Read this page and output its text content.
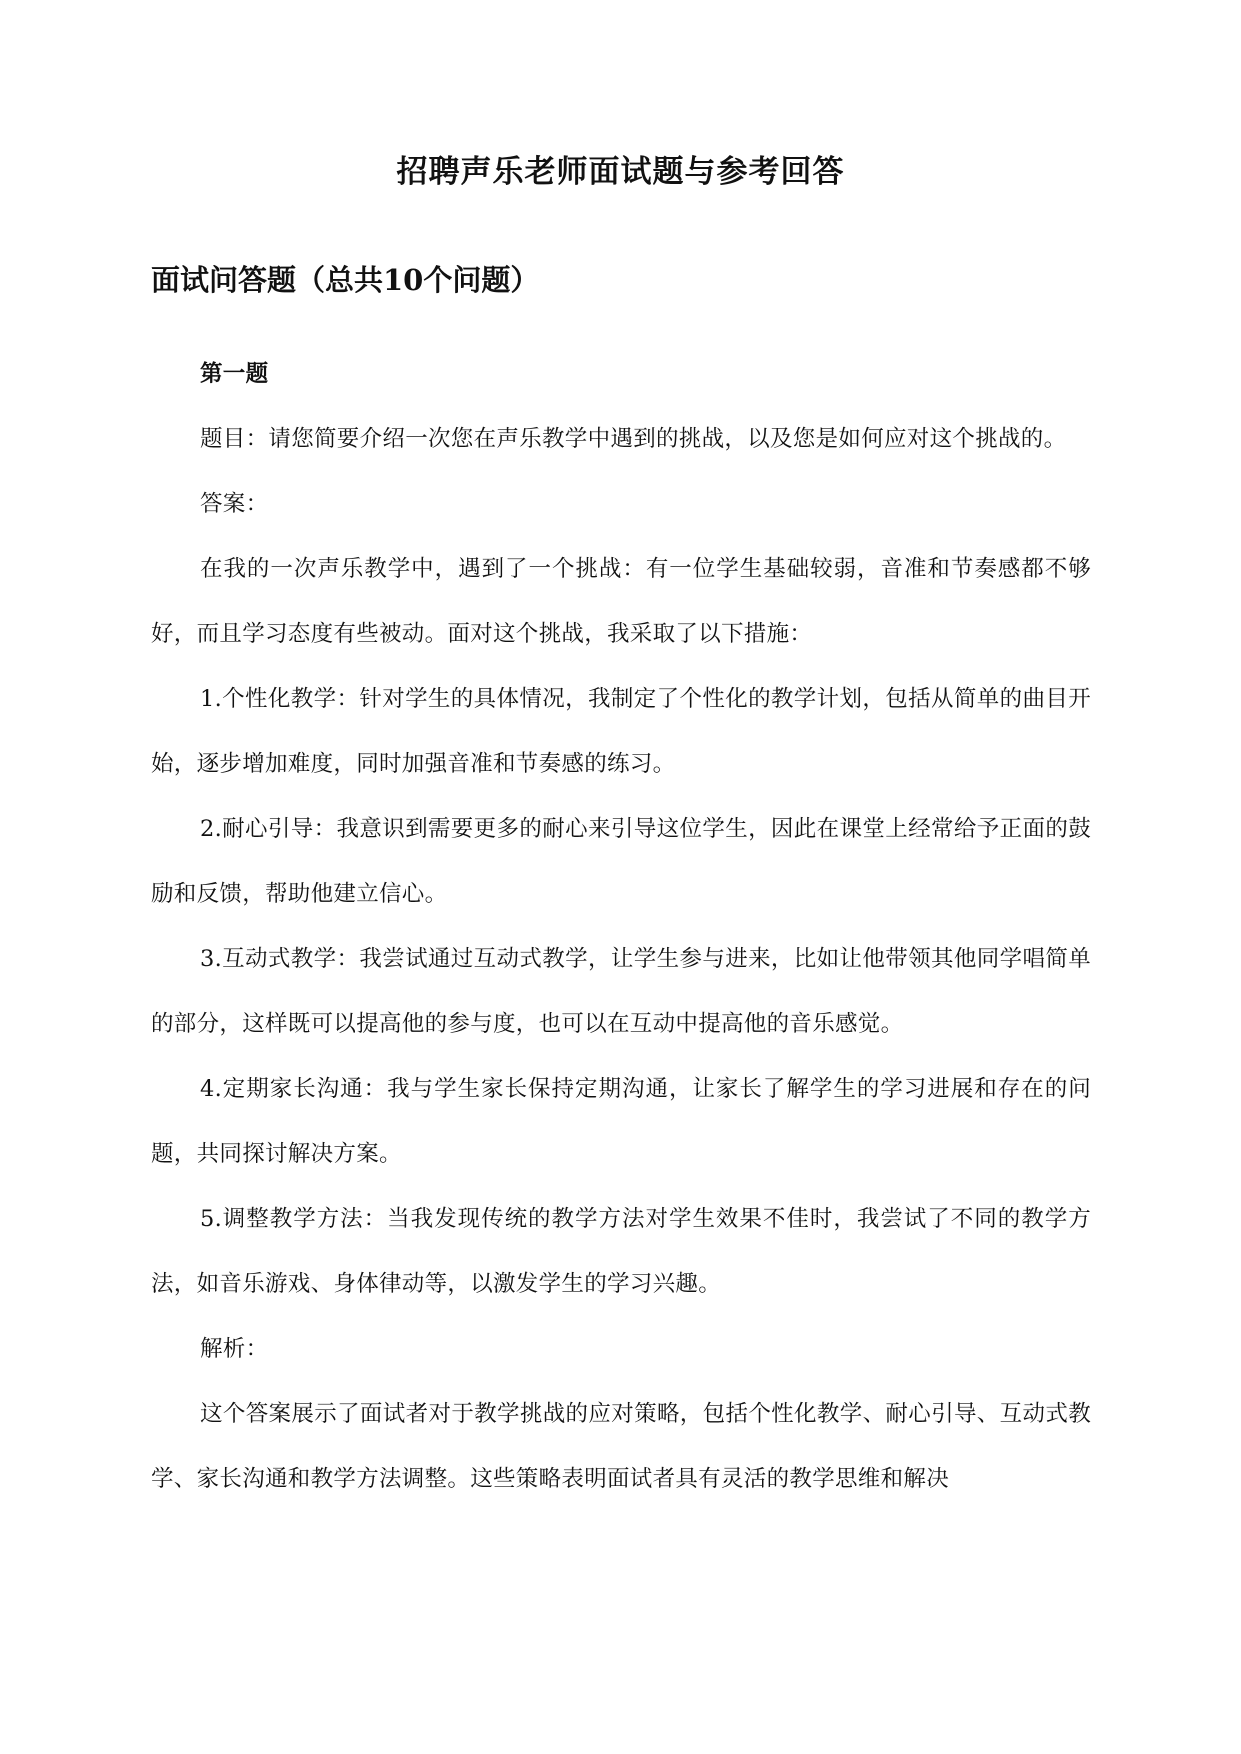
招聘声乐老师面试题与参考回答
面试问答题（总共10个问题）

第一题

题目：请您简要介绍一次您在声乐教学中遇到的挑战，以及您是如何应对这个挑战的。

答案：

在我的一次声乐教学中，遇到了一个挑战：有一位学生基础较弱，音准和节奏感都不够好，而且学习态度有些被动。面对这个挑战，我采取了以下措施：

1.个性化教学：针对学生的具体情况，我制定了个性化的教学计划，包括从简单的曲目开始，逐步增加难度，同时加强音准和节奏感的练习。

2.耐心引导：我意识到需要更多的耐心来引导这位学生，因此在课堂上经常给予正面的鼓励和反馈，帮助他建立信心。

3.互动式教学：我尝试通过互动式教学，让学生参与进来，比如让他带领其他同学唱简单的部分，这样既可以提高他的参与度，也可以在互动中提高他的音乐感觉。

4.定期家长沟通：我与学生家长保持定期沟通，让家长了解学生的学习进展和存在的问题，共同探讨解决方案。

5.调整教学方法：当我发现传统的教学方法对学生效果不佳时，我尝试了不同的教学方法，如音乐游戏、身体律动等，以激发学生的学习兴趣。

解析：

这个答案展示了面试者对于教学挑战的应对策略，包括个性化教学、耐心引导、互动式教学、家长沟通和教学方法调整。这些策略表明面试者具有灵活的教学思维和解决
